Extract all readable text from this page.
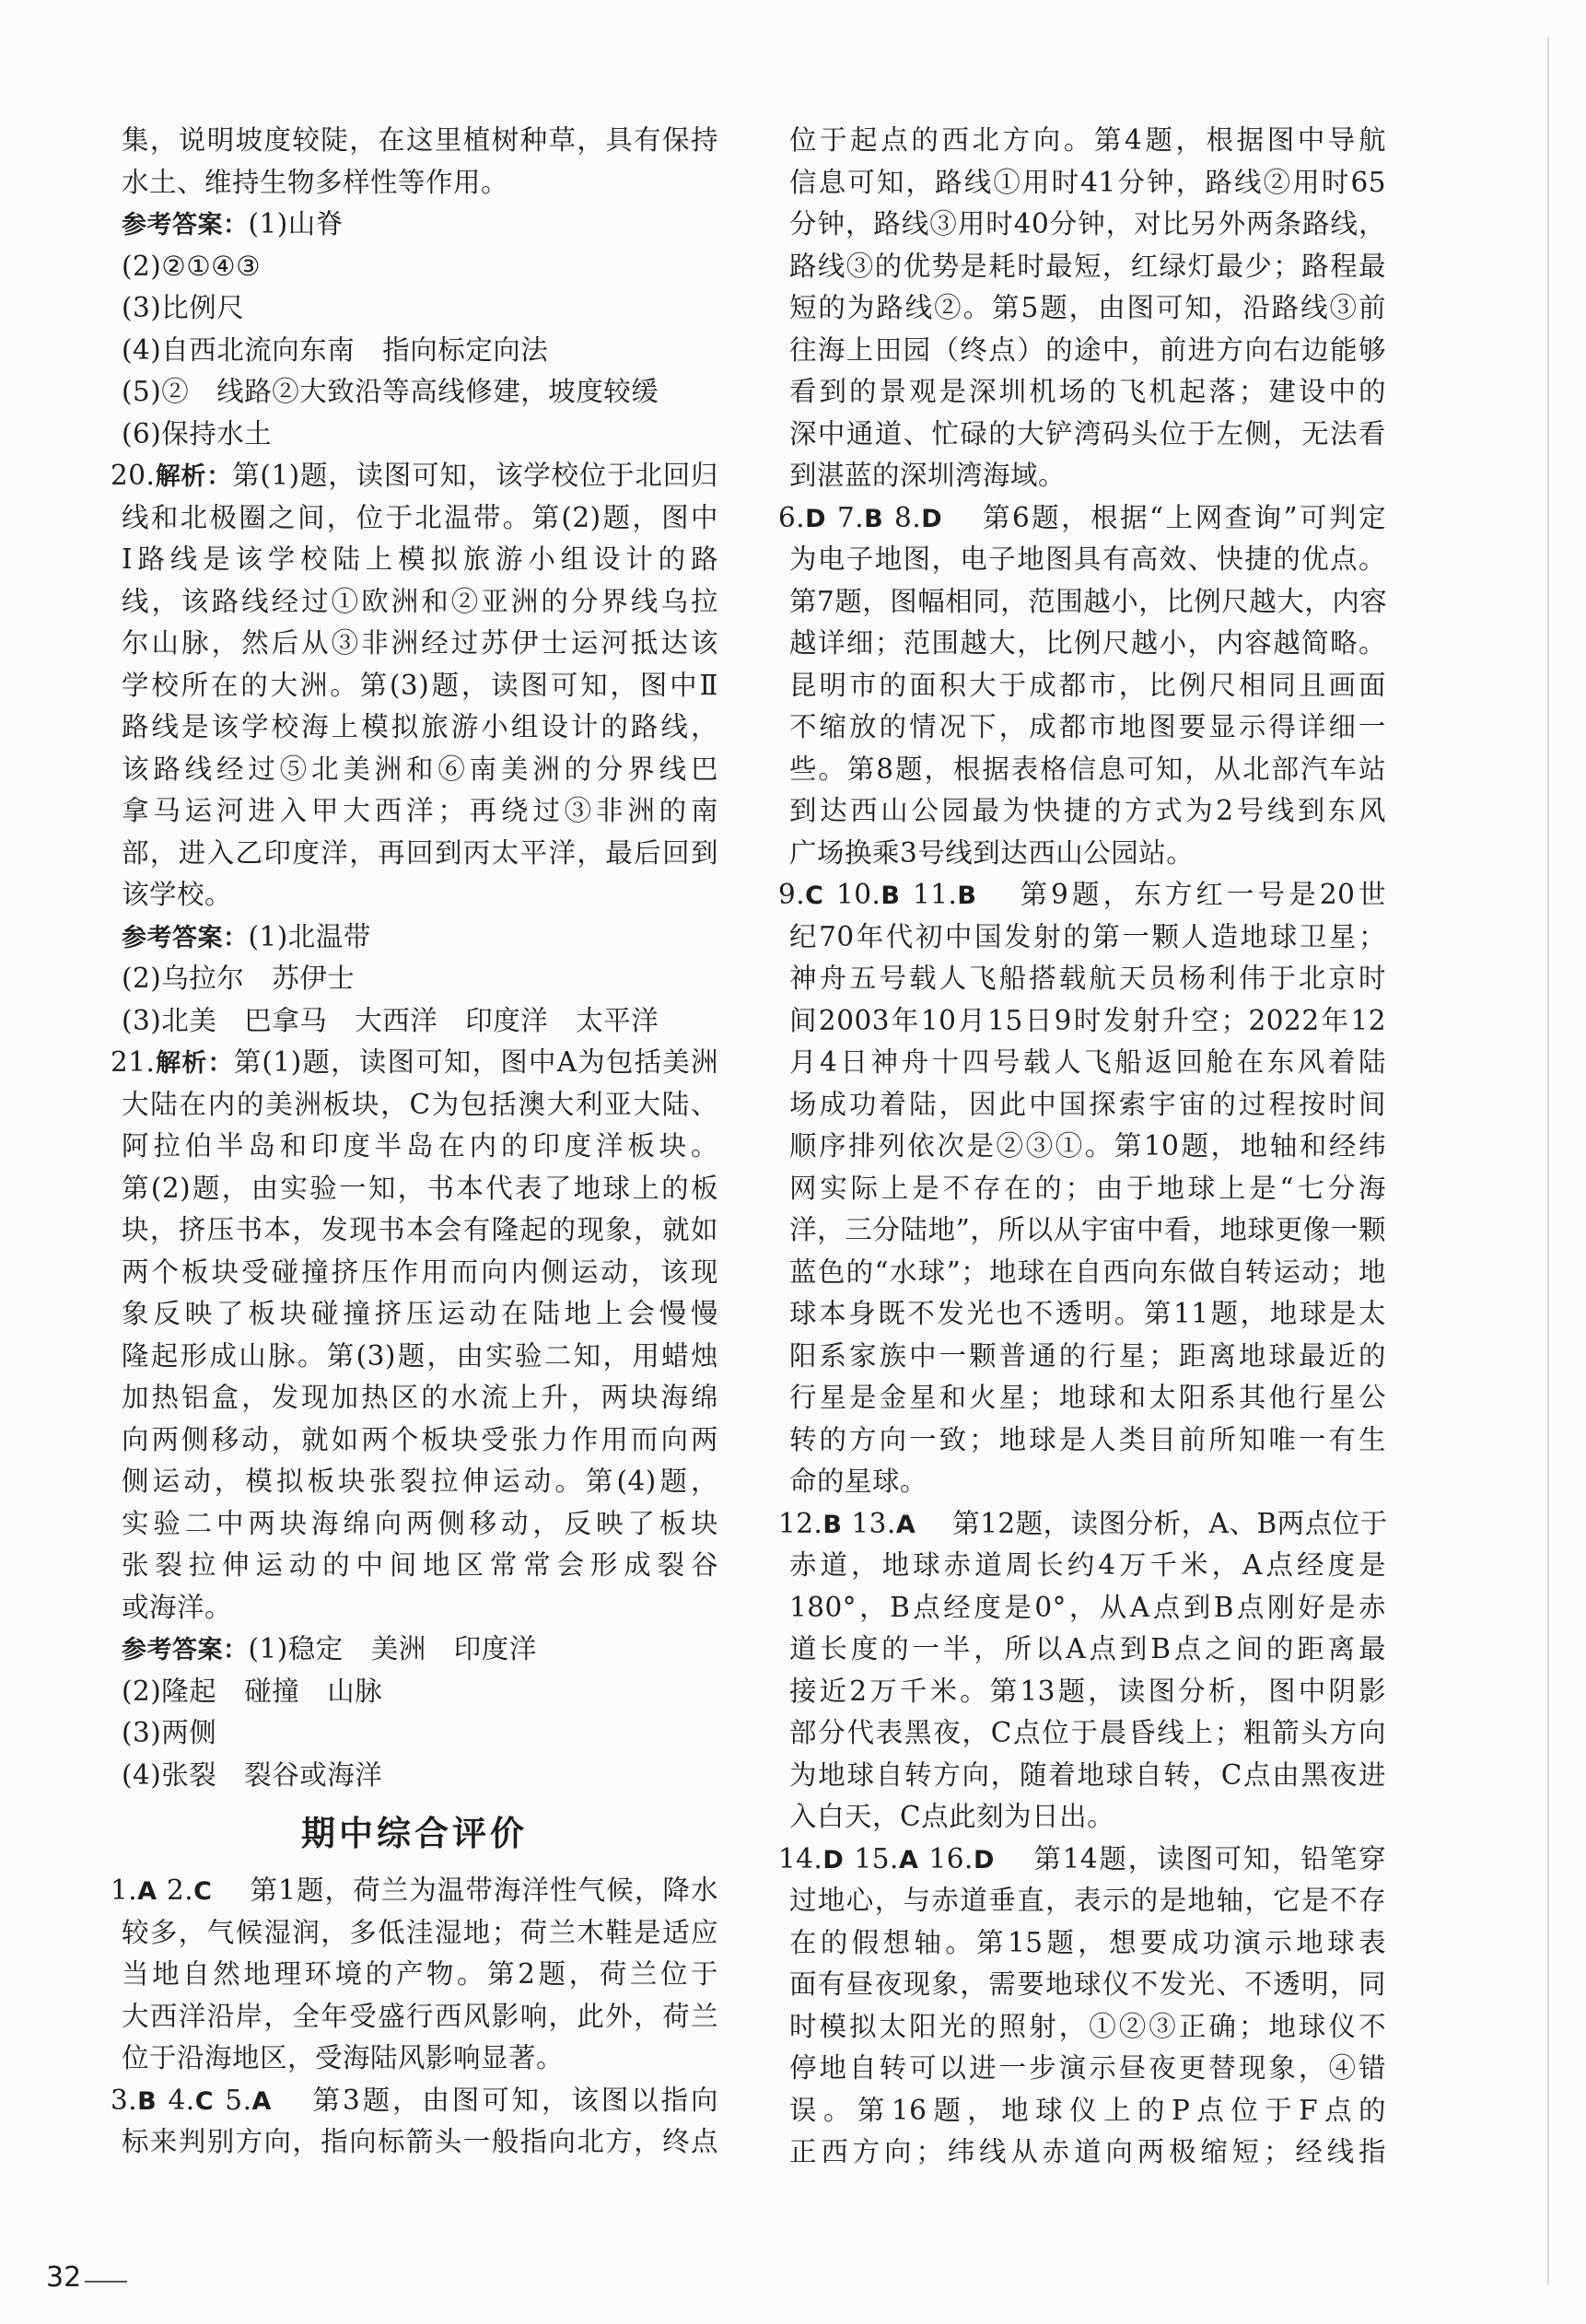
集，说明坡度较陡，在这里植树种草，具有保持
水土、维持生物多样性等作用。
参考答案：(1)山脊
(2)②①④③
(3)比例尺
(4)自西北流向东南　指向标定向法
(5)②　线路②大致沿等高线修建，坡度较缓
(6)保持水土
20.解析：第(1)题，读图可知，该学校位于北回归
线和北极圈之间，位于北温带。第(2)题，图中
Ⅰ路线是该学校陆上模拟旅游小组设计的路
线，该路线经过①欧洲和②亚洲的分界线乌拉
尔山脉，然后从③非洲经过苏伊士运河抵达该
学校所在的大洲。第(3)题，读图可知，图中Ⅱ
路线是该学校海上模拟旅游小组设计的路线，
该路线经过⑤北美洲和⑥南美洲的分界线巴
拿马运河进入甲大西洋；再绕过③非洲的南
部，进入乙印度洋，再回到丙太平洋，最后回到
该学校。
参考答案：(1)北温带
(2)乌拉尔　苏伊士
(3)北美　巴拿马　大西洋　印度洋　太平洋
21.解析：第(1)题，读图可知，图中A为包括美洲
大陆在内的美洲板块，C为包括澳大利亚大陆、
阿拉伯半岛和印度半岛在内的印度洋板块。
第(2)题，由实验一知，书本代表了地球上的板
块，挤压书本，发现书本会有隆起的现象，就如
两个板块受碰撞挤压作用而向内侧运动，该现
象反映了板块碰撞挤压运动在陆地上会慢慢
隆起形成山脉。第(3)题，由实验二知，用蜡烛
加热铝盒，发现加热区的水流上升，两块海绵
向两侧移动，就如两个板块受张力作用而向两
侧运动，模拟板块张裂拉伸运动。第(4)题，
实验二中两块海绵向两侧移动，反映了板块
张裂拉伸运动的中间地区常常会形成裂谷
或海洋。
参考答案：(1)稳定　美洲　印度洋
(2)隆起　碰撞　山脉
(3)两侧
(4)张裂　裂谷或海洋
期中综合评价
1.A 2.C 　 第1题，荷兰为温带海洋性气候，降水
较多，气候湿润，多低洼湿地；荷兰木鞋是适应
当地自然地理环境的产物。第2题，荷兰位于
大西洋沿岸，全年受盛行西风影响，此外，荷兰
位于沿海地区，受海陆风影响显著。
3.B 4.C 5.A 　 第3题，由图可知，该图以指向
标来判别方向，指向标箭头一般指向北方，终点
位于起点的西北方向。第4题，根据图中导航
信息可知，路线①用时41分钟，路线②用时65
分钟，路线③用时40分钟，对比另外两条路线，
路线③的优势是耗时最短，红绿灯最少；路程最
短的为路线②。第5题，由图可知，沿路线③前
往海上田园（终点）的途中，前进方向右边能够
看到的景观是深圳机场的飞机起落；建设中的
深中通道、忙碌的大铲湾码头位于左侧，无法看
到湛蓝的深圳湾海域。
6.D 7.B 8.D 　 第6题，根据“上网查询”可判定
为电子地图，电子地图具有高效、快捷的优点。
第7题，图幅相同，范围越小，比例尺越大，内容
越详细；范围越大，比例尺越小，内容越简略。
昆明市的面积大于成都市，比例尺相同且画面
不缩放的情况下，成都市地图要显示得详细一
些。第8题，根据表格信息可知，从北部汽车站
到达西山公园最为快捷的方式为2号线到东风
广场换乘3号线到达西山公园站。
9.C 10.B 11.B 　 第9题，东方红一号是20世
纪70年代初中国发射的第一颗人造地球卫星；
神舟五号载人飞船搭载航天员杨利伟于北京时
间2003年10月15日9时发射升空；2022年12
月4日神舟十四号载人飞船返回舱在东风着陆
场成功着陆，因此中国探索宇宙的过程按时间
顺序排列依次是②③①。第10题，地轴和经纬
网实际上是不存在的；由于地球上是“七分海
洋，三分陆地”，所以从宇宙中看，地球更像一颗
蓝色的“水球”；地球在自西向东做自转运动；地
球本身既不发光也不透明。第11题，地球是太
阳系家族中一颗普通的行星；距离地球最近的
行星是金星和火星；地球和太阳系其他行星公
转的方向一致；地球是人类目前所知唯一有生
命的星球。
12.B 13.A 　 第12题，读图分析，A、B两点位于
赤道，地球赤道周长约4万千米，A点经度是
180°，B点经度是0°，从A点到B点刚好是赤
道长度的一半，所以A点到B点之间的距离最
接近2万千米。第13题，读图分析，图中阴影
部分代表黑夜，C点位于晨昏线上；粗箭头方向
为地球自转方向，随着地球自转，C点由黑夜进
入白天，C点此刻为日出。
14.D 15.A 16.D 　 第14题，读图可知，铅笔穿
过地心，与赤道垂直，表示的是地轴，它是不存
在的假想轴。第15题，想要成功演示地球表
面有昼夜现象，需要地球仪不发光、不透明，同
时模拟太阳光的照射，①②③正确；地球仪不
停地自转可以进一步演示昼夜更替现象，④错
误。第16题，地球仪上的P点位于F点的
正西方向；纬线从赤道向两极缩短；经线指
32
